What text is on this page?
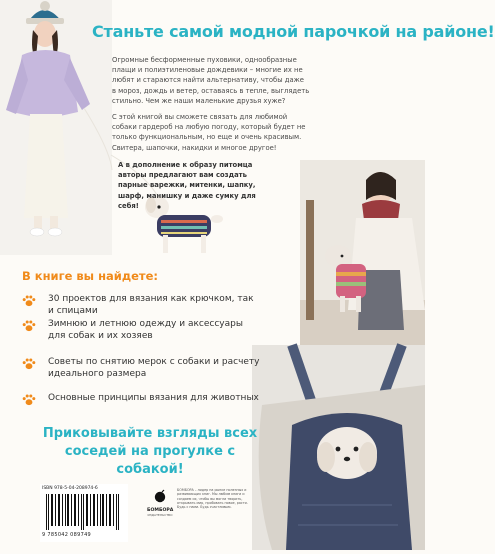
Станьте самой модной парочкой на районе!
Огромные бесформенные пуховики, однообразные плащи и полиэтиленовые дождевики – многие их не любят и стараются найти альтернативу, чтобы даже в мороз, дождь и ветер, оставаясь в тепле, выглядеть стильно. Чем же наши маленькие друзья хуже?
С этой книгой вы сможете связать для любимой собаки гардероб на любую погоду, который будет не только функциональным, но еще и очень красивым. Свитера, шапочки, накидки и многое другое!
А в дополнение к образу питомца авторы предлагают вам создать парные варежки, митенки, шапку, шарф, манишку и даже сумку для себя!
В книге вы найдете:
30 проектов для вязания как крючком, так и спицами
Зимнюю и летнюю одежду и аксессуары для собак и их хозяев
Советы по снятию мерок с собаки и расчету идеального размера
Основные принципы вязания для животных
Приковывайте взгляды всех соседей на прогулке с собакой!
ISBN 978-5-04-208974-6
9 785042 089749
БОМБОРА
ИЗДАТЕЛЬСТВО
БОМБОРА – лидер на рынке полезных и развивающих книг. Мы любим книги и создаем их, чтобы вы могли творить, открывать мир, пробовать новое, расти. Будь с нами. Будь счастливым.
